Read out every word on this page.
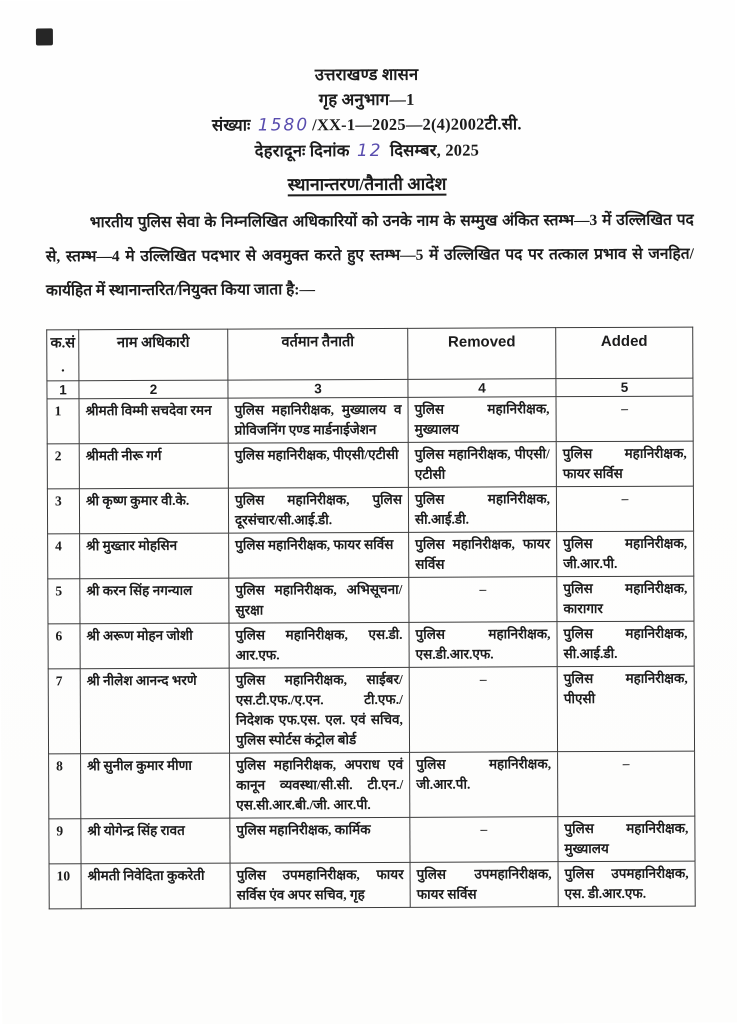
उत्तराखण्ड शासन
गृह अनुभाग—1
संख्याः 1580 /XX-1—2025—2(4)2002टी.सी.
देहरादूनः दिनांक 12 दिसम्बर, 2025
स्थानान्तरण/तैनाती आदेश
भारतीय पुलिस सेवा के निम्नलिखित अधिकारियों को उनके नाम के सम्मुख अंकित स्तम्भ—3 में उल्लिखित पद से, स्तम्भ—4 मे उल्लिखित पदभार से अवमुक्त करते हुए स्तम्भ—5 में उल्लिखित पद पर तत्काल प्रभाव से जनहित/कार्यहित में स्थानान्तरित/नियुक्त किया जाता है:—
क.सं.	नाम अधिकारी	वर्तमान तैनाती	Removed	Added
1	2	3	4	5
1	श्रीमती विम्मी सचदेवा रमन	पुलिस महानिरीक्षक, मुख्यालय व प्रोविजनिंग एण्ड मार्डनाईजेशन	पुलिस महानिरीक्षक, मुख्यालय	–
2	श्रीमती नीरू गर्ग	पुलिस महानिरीक्षक, पीएसी/एटीसी	पुलिस महानिरीक्षक, पीएसी/एटीसी	पुलिस महानिरीक्षक, फायर सर्विस
3	श्री कृष्ण कुमार वी.के.	पुलिस महानिरीक्षक, पुलिस दूरसंचार/सी.आई.डी.	पुलिस महानिरीक्षक, सी.आई.डी.	–
4	श्री मुख्तार मोहसिन	पुलिस महानिरीक्षक, फायर सर्विस	पुलिस महानिरीक्षक, फायर सर्विस	पुलिस महानिरीक्षक, जी.आर.पी.
5	श्री करन सिंह नगन्याल	पुलिस महानिरीक्षक, अभिसूचना/सुरक्षा	–	पुलिस महानिरीक्षक, कारागार
6	श्री अरूण मोहन जोशी	पुलिस महानिरीक्षक, एस.डी. आर.एफ.	पुलिस महानिरीक्षक, एस.डी.आर.एफ.	पुलिस महानिरीक्षक, सी.आई.डी.
7	श्री नीलेश आनन्द भरणे	पुलिस महानिरीक्षक, साईबर/एस.टी.एफ./ए.एन. टी.एफ./निदेशक एफ.एस. एल. एवं सचिव, पुलिस स्पोर्टस कंट्रोल बोर्ड	–	पुलिस महानिरीक्षक, पीएसी
8	श्री सुनील कुमार मीणा	पुलिस महानिरीक्षक, अपराध एवं कानून व्यवस्था/सी.सी. टी.एन./एस.सी.आर.बी./जी. आर.पी.	पुलिस महानिरीक्षक, जी.आर.पी.	–
9	श्री योगेन्द्र सिंह रावत	पुलिस महानिरीक्षक, कार्मिक	–	पुलिस महानिरीक्षक, मुख्यालय
10	श्रीमती निवेदिता कुकरेती	पुलिस उपमहानिरीक्षक, फायर सर्विस एंव अपर सचिव, गृह	पुलिस उपमहानिरीक्षक, फायर सर्विस	पुलिस उपमहानिरीक्षक, एस. डी.आर.एफ.
